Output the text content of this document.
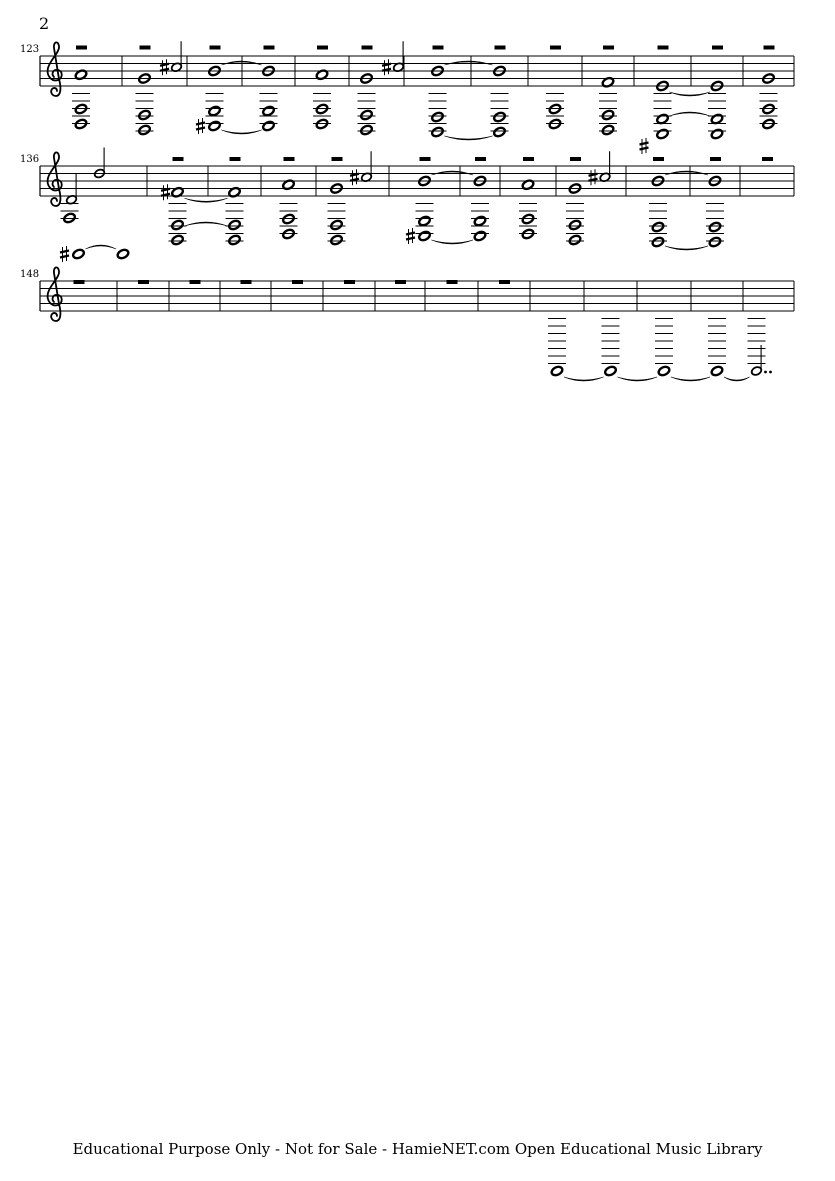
2
123
136
148
Educational Purpose Only - Not for Sale - HamieNET.com Open Educational Music Library
